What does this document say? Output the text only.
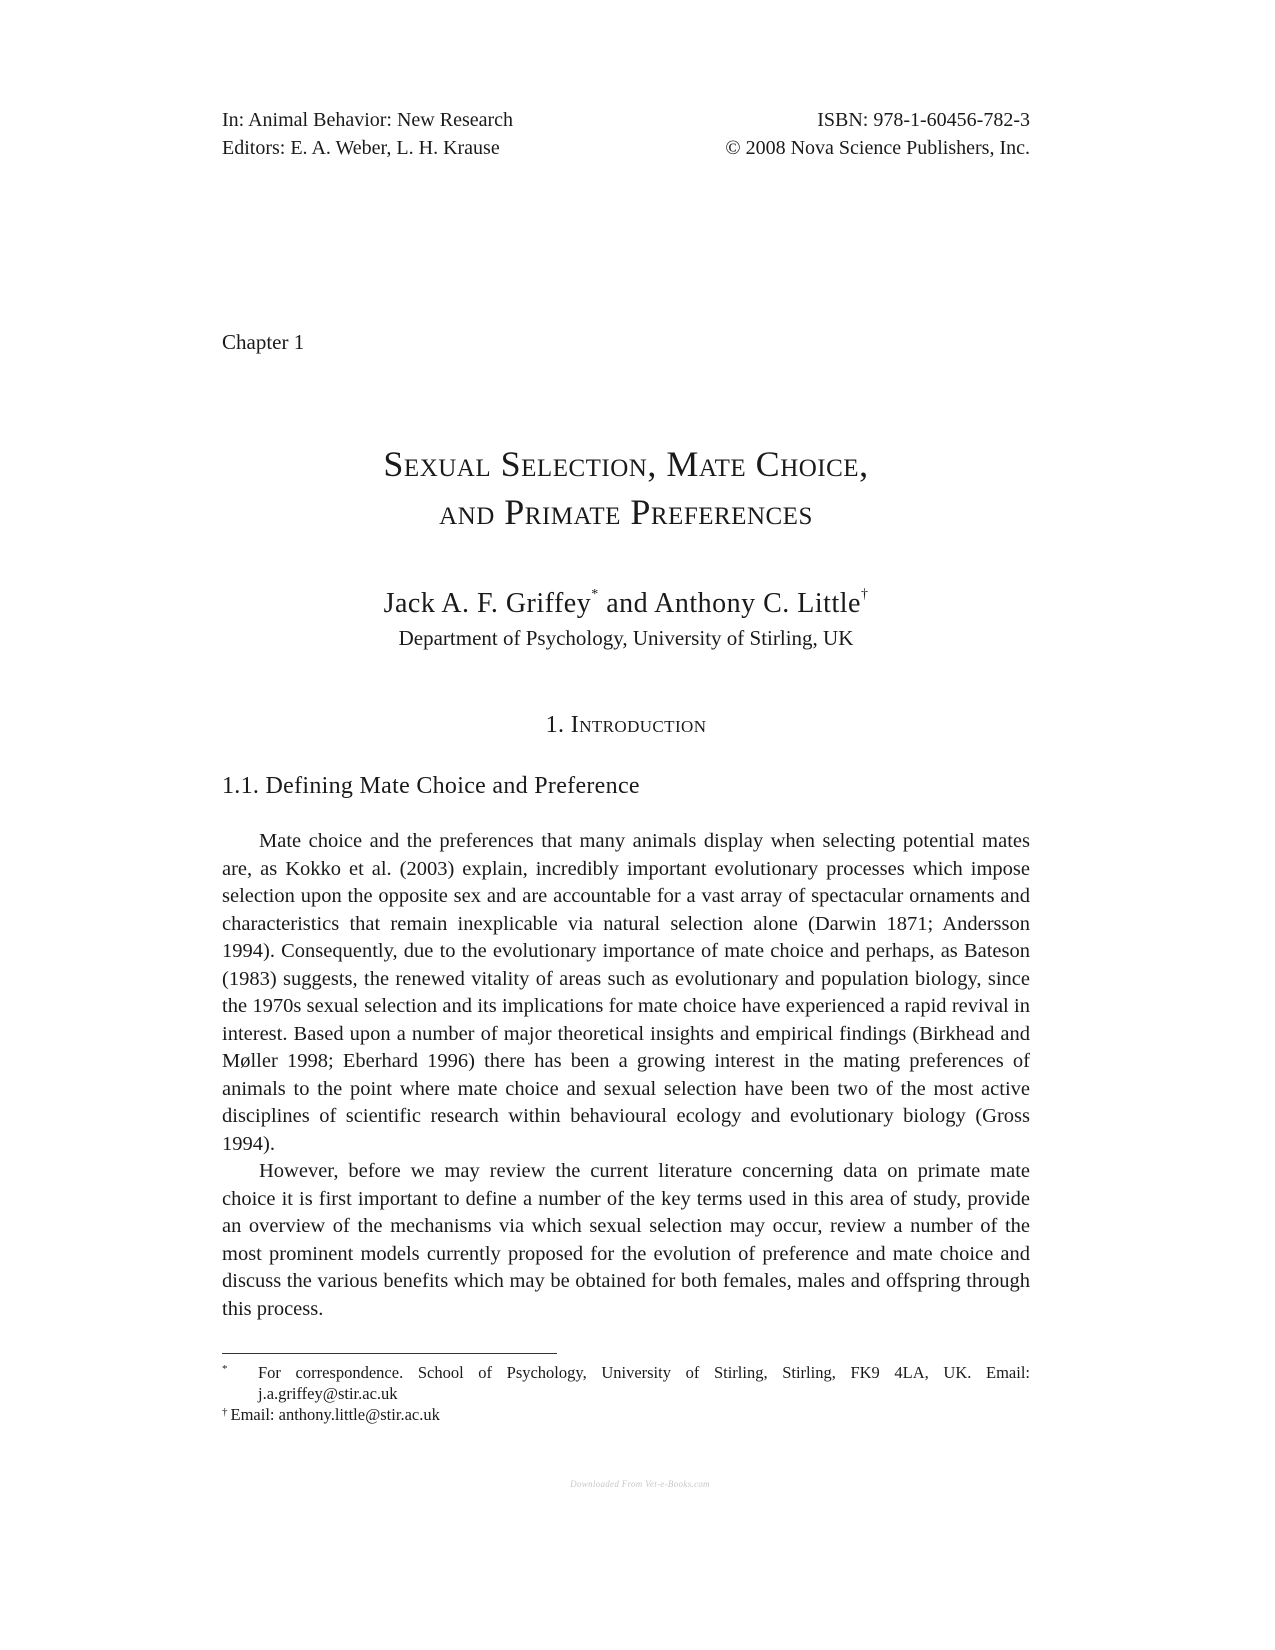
In: Animal Behavior: New Research
Editors: E. A. Weber, L. H. Krause
ISBN: 978-1-60456-782-3
© 2008 Nova Science Publishers, Inc.
Chapter 1
Sexual Selection, Mate Choice,
and Primate Preferences
Jack A. F. Griffey* and Anthony C. Little†
Department of Psychology, University of Stirling, UK
1. Introduction
1.1. Defining Mate Choice and Preference

Mate choice and the preferences that many animals display when selecting potential mates are, as Kokko et al. (2003) explain, incredibly important evolutionary processes which impose selection upon the opposite sex and are accountable for a vast array of spectacular ornaments and characteristics that remain inexplicable via natural selection alone (Darwin 1871; Andersson 1994). Consequently, due to the evolutionary importance of mate choice and perhaps, as Bateson (1983) suggests, the renewed vitality of areas such as evolutionary and population biology, since the 1970s sexual selection and its implications for mate choice have experienced a rapid revival in interest. Based upon a number of major theoretical insights and empirical findings (Birkhead and Møller 1998; Eberhard 1996) there has been a growing interest in the mating preferences of animals to the point where mate choice and sexual selection have been two of the most active disciplines of scientific research within behavioural ecology and evolutionary biology (Gross 1994).

However, before we may review the current literature concerning data on primate mate choice it is first important to define a number of the key terms used in this area of study, provide an overview of the mechanisms via which sexual selection may occur, review a number of the most prominent models currently proposed for the evolution of preference and mate choice and discuss the various benefits which may be obtained for both females, males and offspring through this process.

* For correspondence. School of Psychology, University of Stirling, Stirling, FK9 4LA, UK. Email: j.a.griffey@stir.ac.uk
† Email: anthony.little@stir.ac.uk
Downloaded From Vet-e-Books.com
